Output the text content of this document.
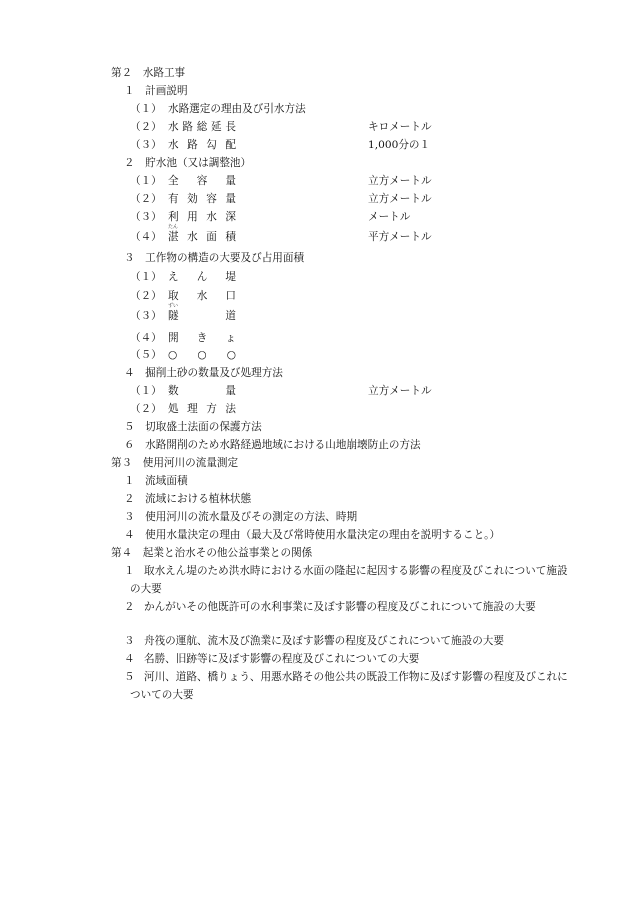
第２　水路工事
１　計画説明
（１） 水路選定の理由及び引水方法
（２） 水 路 総 延 長	キロメートル
（３） 水 路 勾 配	1,000分の１
２　貯水池（又は調整池）
（１） 全 容 量	立方メートル
（２） 有 効 容 量	立方メートル
（３） 利 用 水 深	メートル
たん
（４） 湛 水 面 積	平方メートル
３　工作物の構造の大要及び占用面積
（１） え ん 堤
（２） 取 水 口
ずい
（３） 隧	道
（４） 開 き ょ
（５） ○ ○ ○
４　掘削土砂の数量及び処理方法
（１） 数	量	立方メートル
（２） 処 理 方 法
５　切取盛土法面の保護方法
６　水路開削のため水路経過地域における山地崩壊防止の方法
第３　使用河川の流量測定
１　流域面積
２　流域における植林状態
３　使用河川の流水量及びその測定の方法、時期
４　使用水量決定の理由（最大及び常時使用水量決定の理由を説明すること。）
第４　起業と治水その他公益事業との関係
１ 取水えん堤のため洪水時における水面の隆起に起因する影響の程度及びこれについて施設の大要
２ かんがいその他既許可の水利事業に及ぼす影響の程度及びこれについて施設の大要
３ 舟筏の運航、流木及び漁業に及ぼす影響の程度及びこれについて施設の大要
４ 名勝、旧跡等に及ぼす影響の程度及びこれについての大要
５ 河川、道路、橋りょう、用悪水路その他公共の既設工作物に及ぼす影響の程度及びこれについての大要
